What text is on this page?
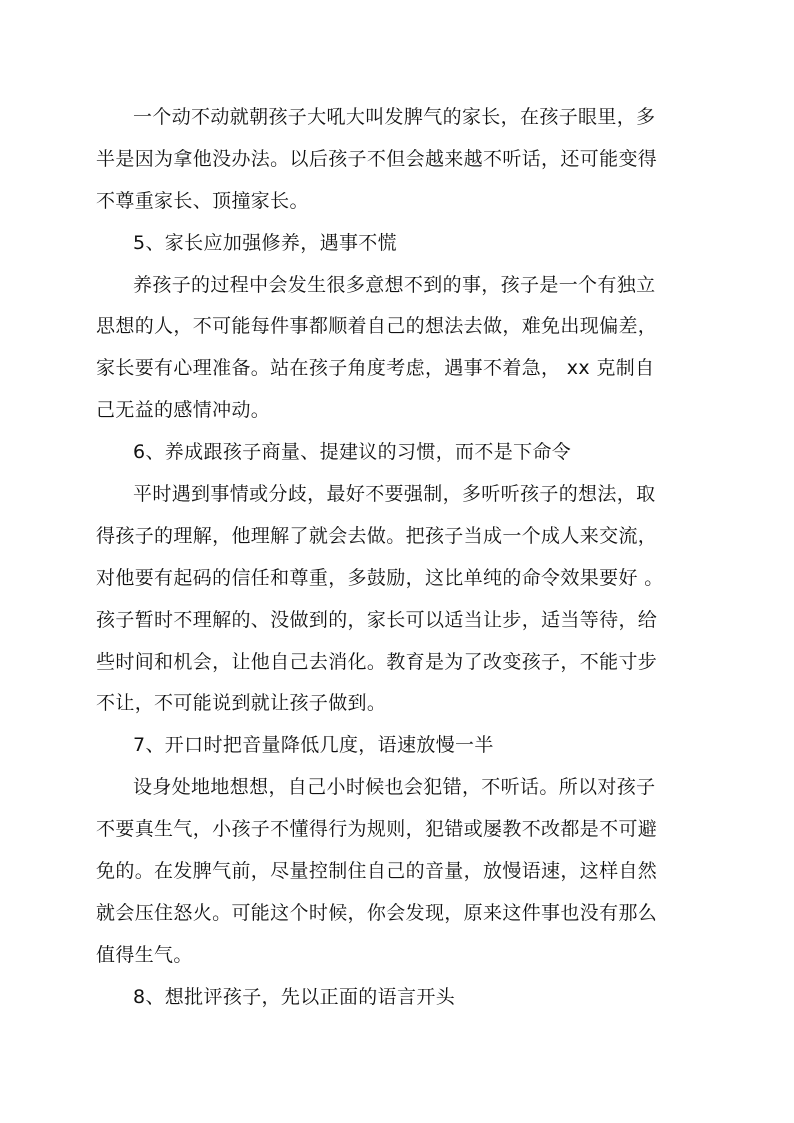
一个动不动就朝孩子大吼大叫发脾气的家长，在孩子眼里，多
半是因为拿他没办法。以后孩子不但会越来越不听话，还可能变得
不尊重家长、顶撞家长。
5、家长应加强修养，遇事不慌
养孩子的过程中会发生很多意想不到的事，孩子是一个有独立
思想的人，不可能每件事都顺着自己的想法去做，难免出现偏差，
家长要有心理准备。站在孩子角度考虑，遇事不着急， xx 克制自
己无益的感情冲动。
6、养成跟孩子商量、提建议的习惯，而不是下命令
平时遇到事情或分歧，最好不要强制，多听听孩子的想法，取
得孩子的理解，他理解了就会去做。把孩子当成一个成人来交流，
对他要有起码的信任和尊重，多鼓励，这比单纯的命令效果要好 。
孩子暂时不理解的、没做到的，家长可以适当让步，适当等待，给
些时间和机会，让他自己去消化。教育是为了改变孩子，不能寸步
不让，不可能说到就让孩子做到。
7、开口时把音量降低几度，语速放慢一半
设身处地地想想，自己小时候也会犯错，不听话。所以对孩子
不要真生气，小孩子不懂得行为规则，犯错或屡教不改都是不可避
免的。在发脾气前，尽量控制住自己的音量，放慢语速，这样自然
就会压住怒火。可能这个时候，你会发现，原来这件事也没有那么
值得生气。
8、想批评孩子，先以正面的语言开头
